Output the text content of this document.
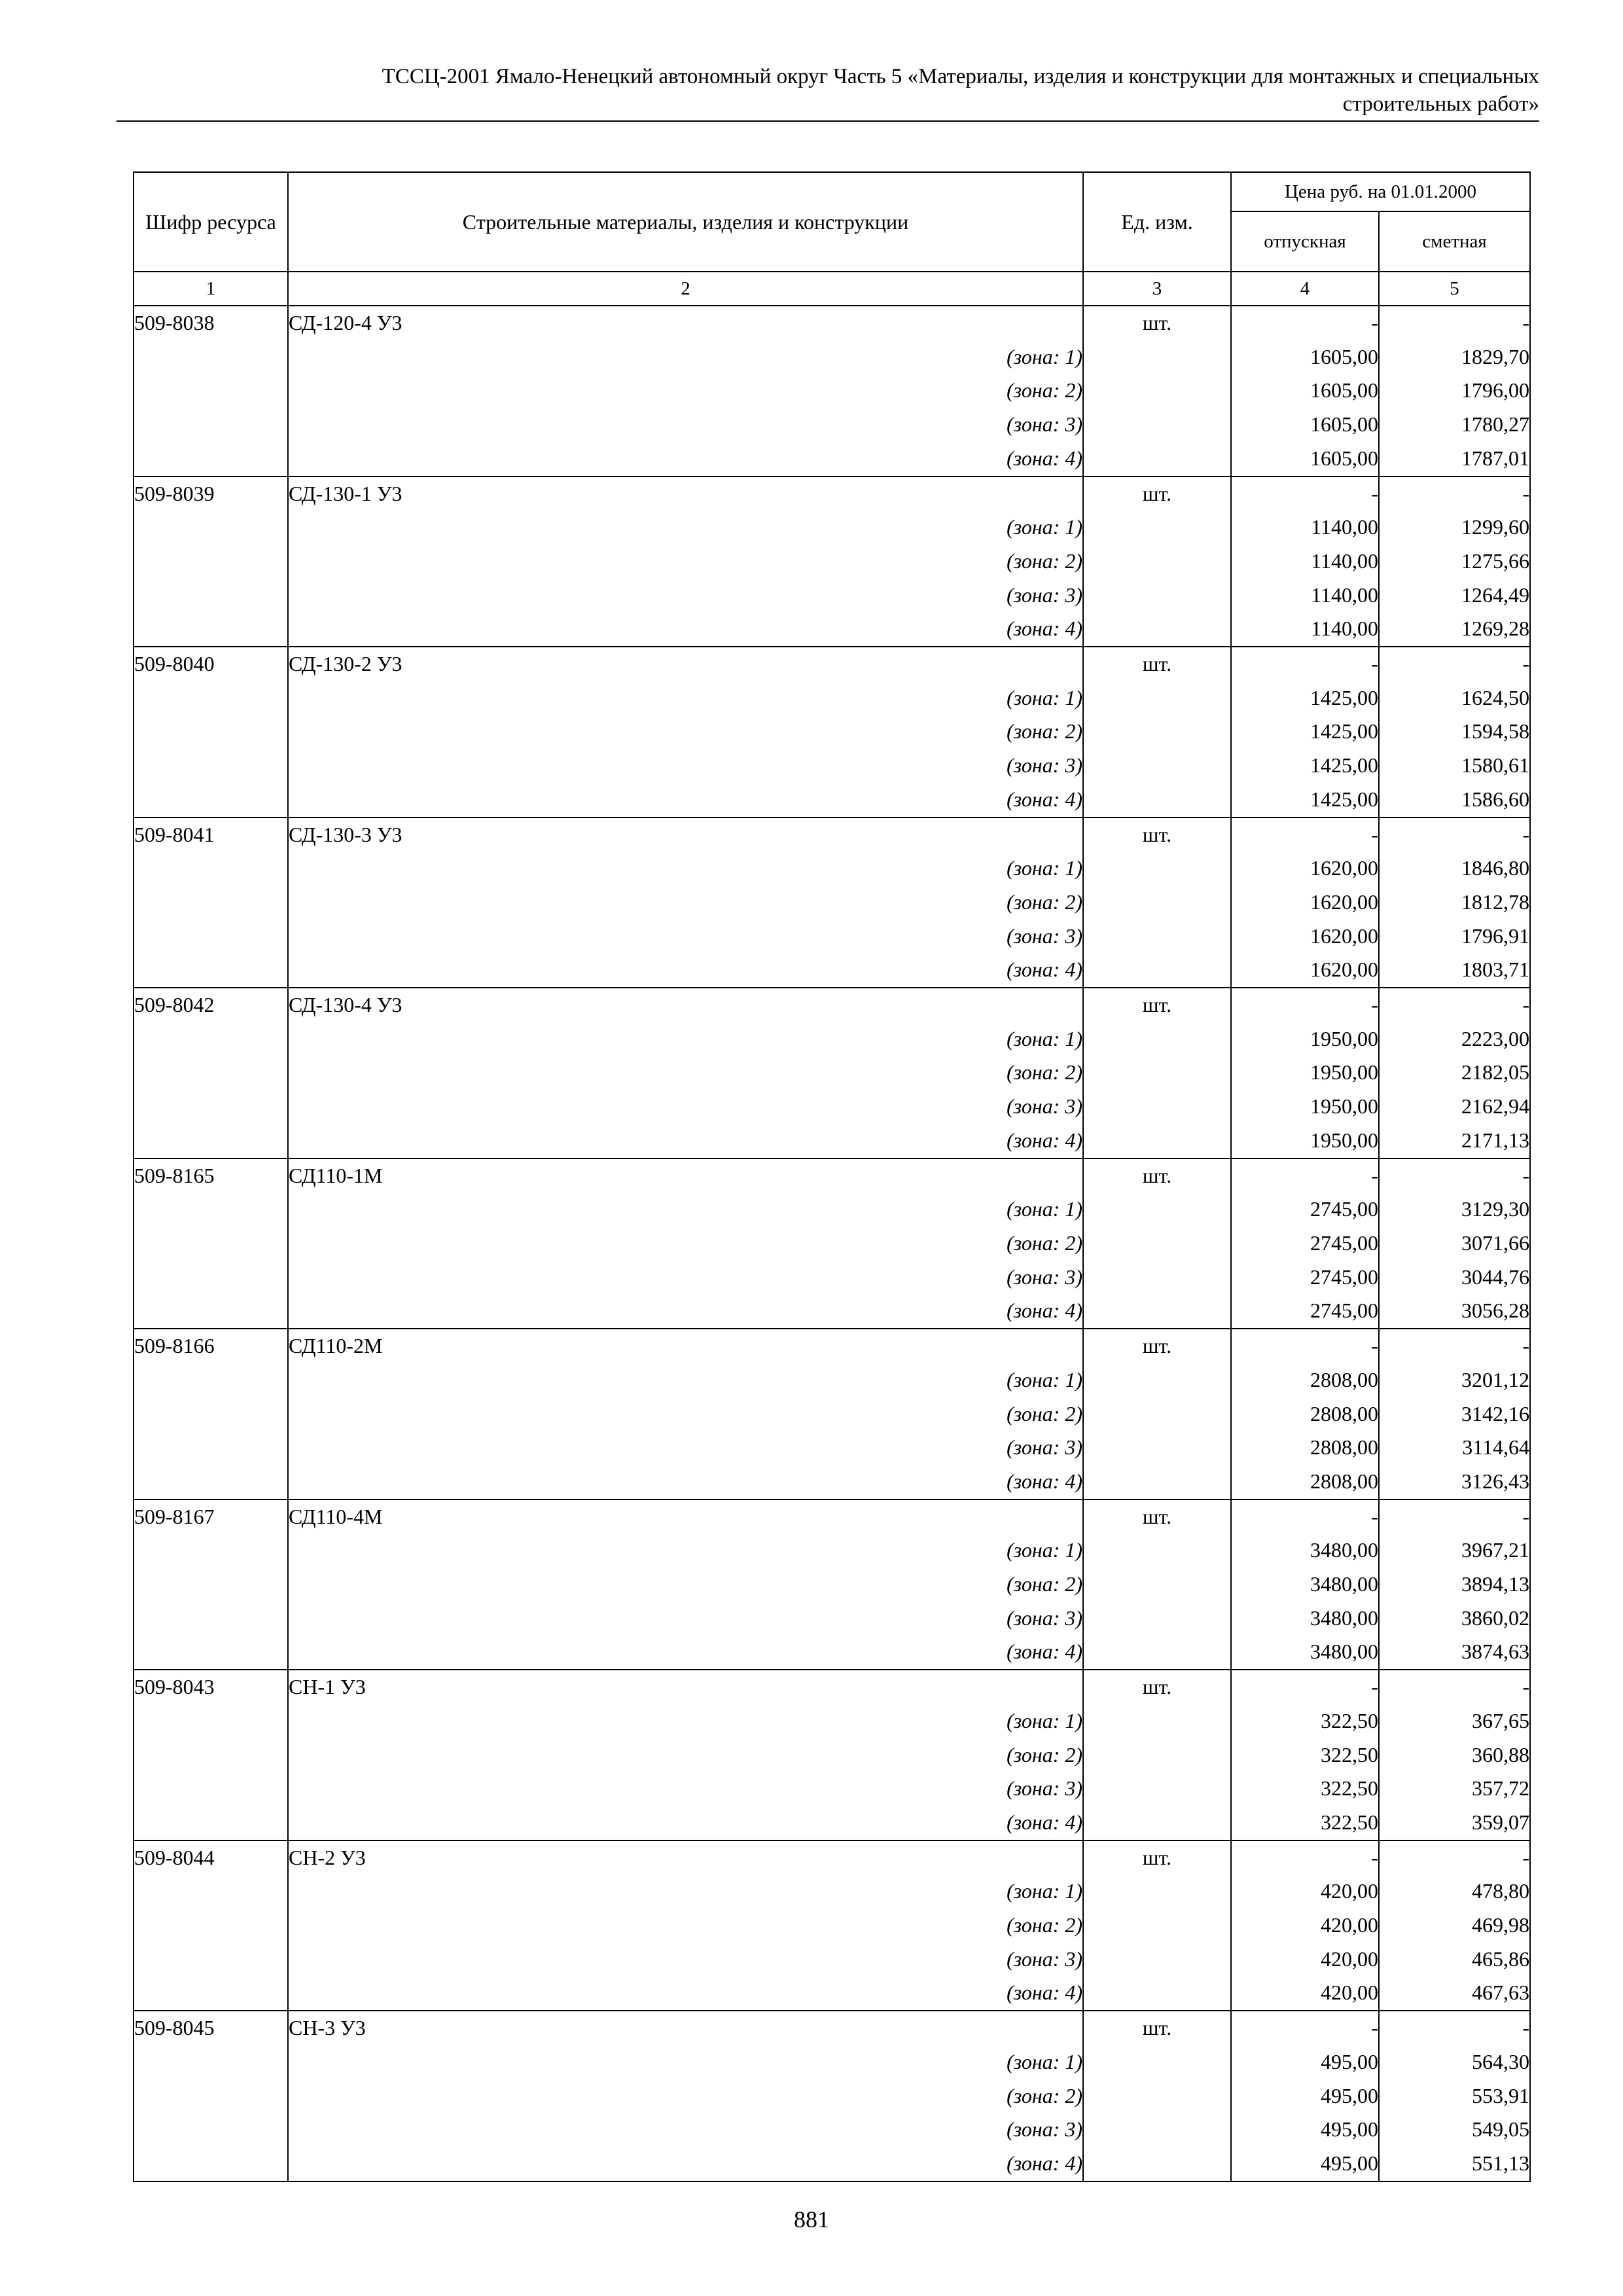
ТССЦ-2001 Ямало-Ненецкий автономный округ Часть 5 «Материалы, изделия и конструкции для монтажных и специальных
строительных работ»
Шифр ресурса	Строительные материалы, изделия и конструкции	Ед. изм.	Цена руб. на 01.01.2000	
			отпускная	сметная
1	2	3	4	5
509-8038	СД-120-4 У3	шт.	-	-
	(зона: 1)		1605,00	1829,70
	(зона: 2)		1605,00	1796,00
	(зона: 3)		1605,00	1780,27
	(зона: 4)		1605,00	1787,01
509-8039	СД-130-1 У3	шт.	-	-
	(зона: 1)		1140,00	1299,60
	(зона: 2)		1140,00	1275,66
	(зона: 3)		1140,00	1264,49
	(зона: 4)		1140,00	1269,28
509-8040	СД-130-2 У3	шт.	-	-
	(зона: 1)		1425,00	1624,50
	(зона: 2)		1425,00	1594,58
	(зона: 3)		1425,00	1580,61
	(зона: 4)		1425,00	1586,60
509-8041	СД-130-3 У3	шт.	-	-
	(зона: 1)		1620,00	1846,80
	(зона: 2)		1620,00	1812,78
	(зона: 3)		1620,00	1796,91
	(зона: 4)		1620,00	1803,71
509-8042	СД-130-4 У3	шт.	-	-
	(зона: 1)		1950,00	2223,00
	(зона: 2)		1950,00	2182,05
	(зона: 3)		1950,00	2162,94
	(зона: 4)		1950,00	2171,13
509-8165	СД110-1М	шт.	-	-
	(зона: 1)		2745,00	3129,30
	(зона: 2)		2745,00	3071,66
	(зона: 3)		2745,00	3044,76
	(зона: 4)		2745,00	3056,28
509-8166	СД110-2М	шт.	-	-
	(зона: 1)		2808,00	3201,12
	(зона: 2)		2808,00	3142,16
	(зона: 3)		2808,00	3114,64
	(зона: 4)		2808,00	3126,43
509-8167	СД110-4М	шт.	-	-
	(зона: 1)		3480,00	3967,21
	(зона: 2)		3480,00	3894,13
	(зона: 3)		3480,00	3860,02
	(зона: 4)		3480,00	3874,63
509-8043	СН-1 У3	шт.	-	-
	(зона: 1)		322,50	367,65
	(зона: 2)		322,50	360,88
	(зона: 3)		322,50	357,72
	(зона: 4)		322,50	359,07
509-8044	СН-2 У3	шт.	-	-
	(зона: 1)		420,00	478,80
	(зона: 2)		420,00	469,98
	(зона: 3)		420,00	465,86
	(зона: 4)		420,00	467,63
509-8045	СН-3 У3	шт.	-	-
	(зона: 1)		495,00	564,30
	(зона: 2)		495,00	553,91
	(зона: 3)		495,00	549,05
	(зона: 4)		495,00	551,13
881
